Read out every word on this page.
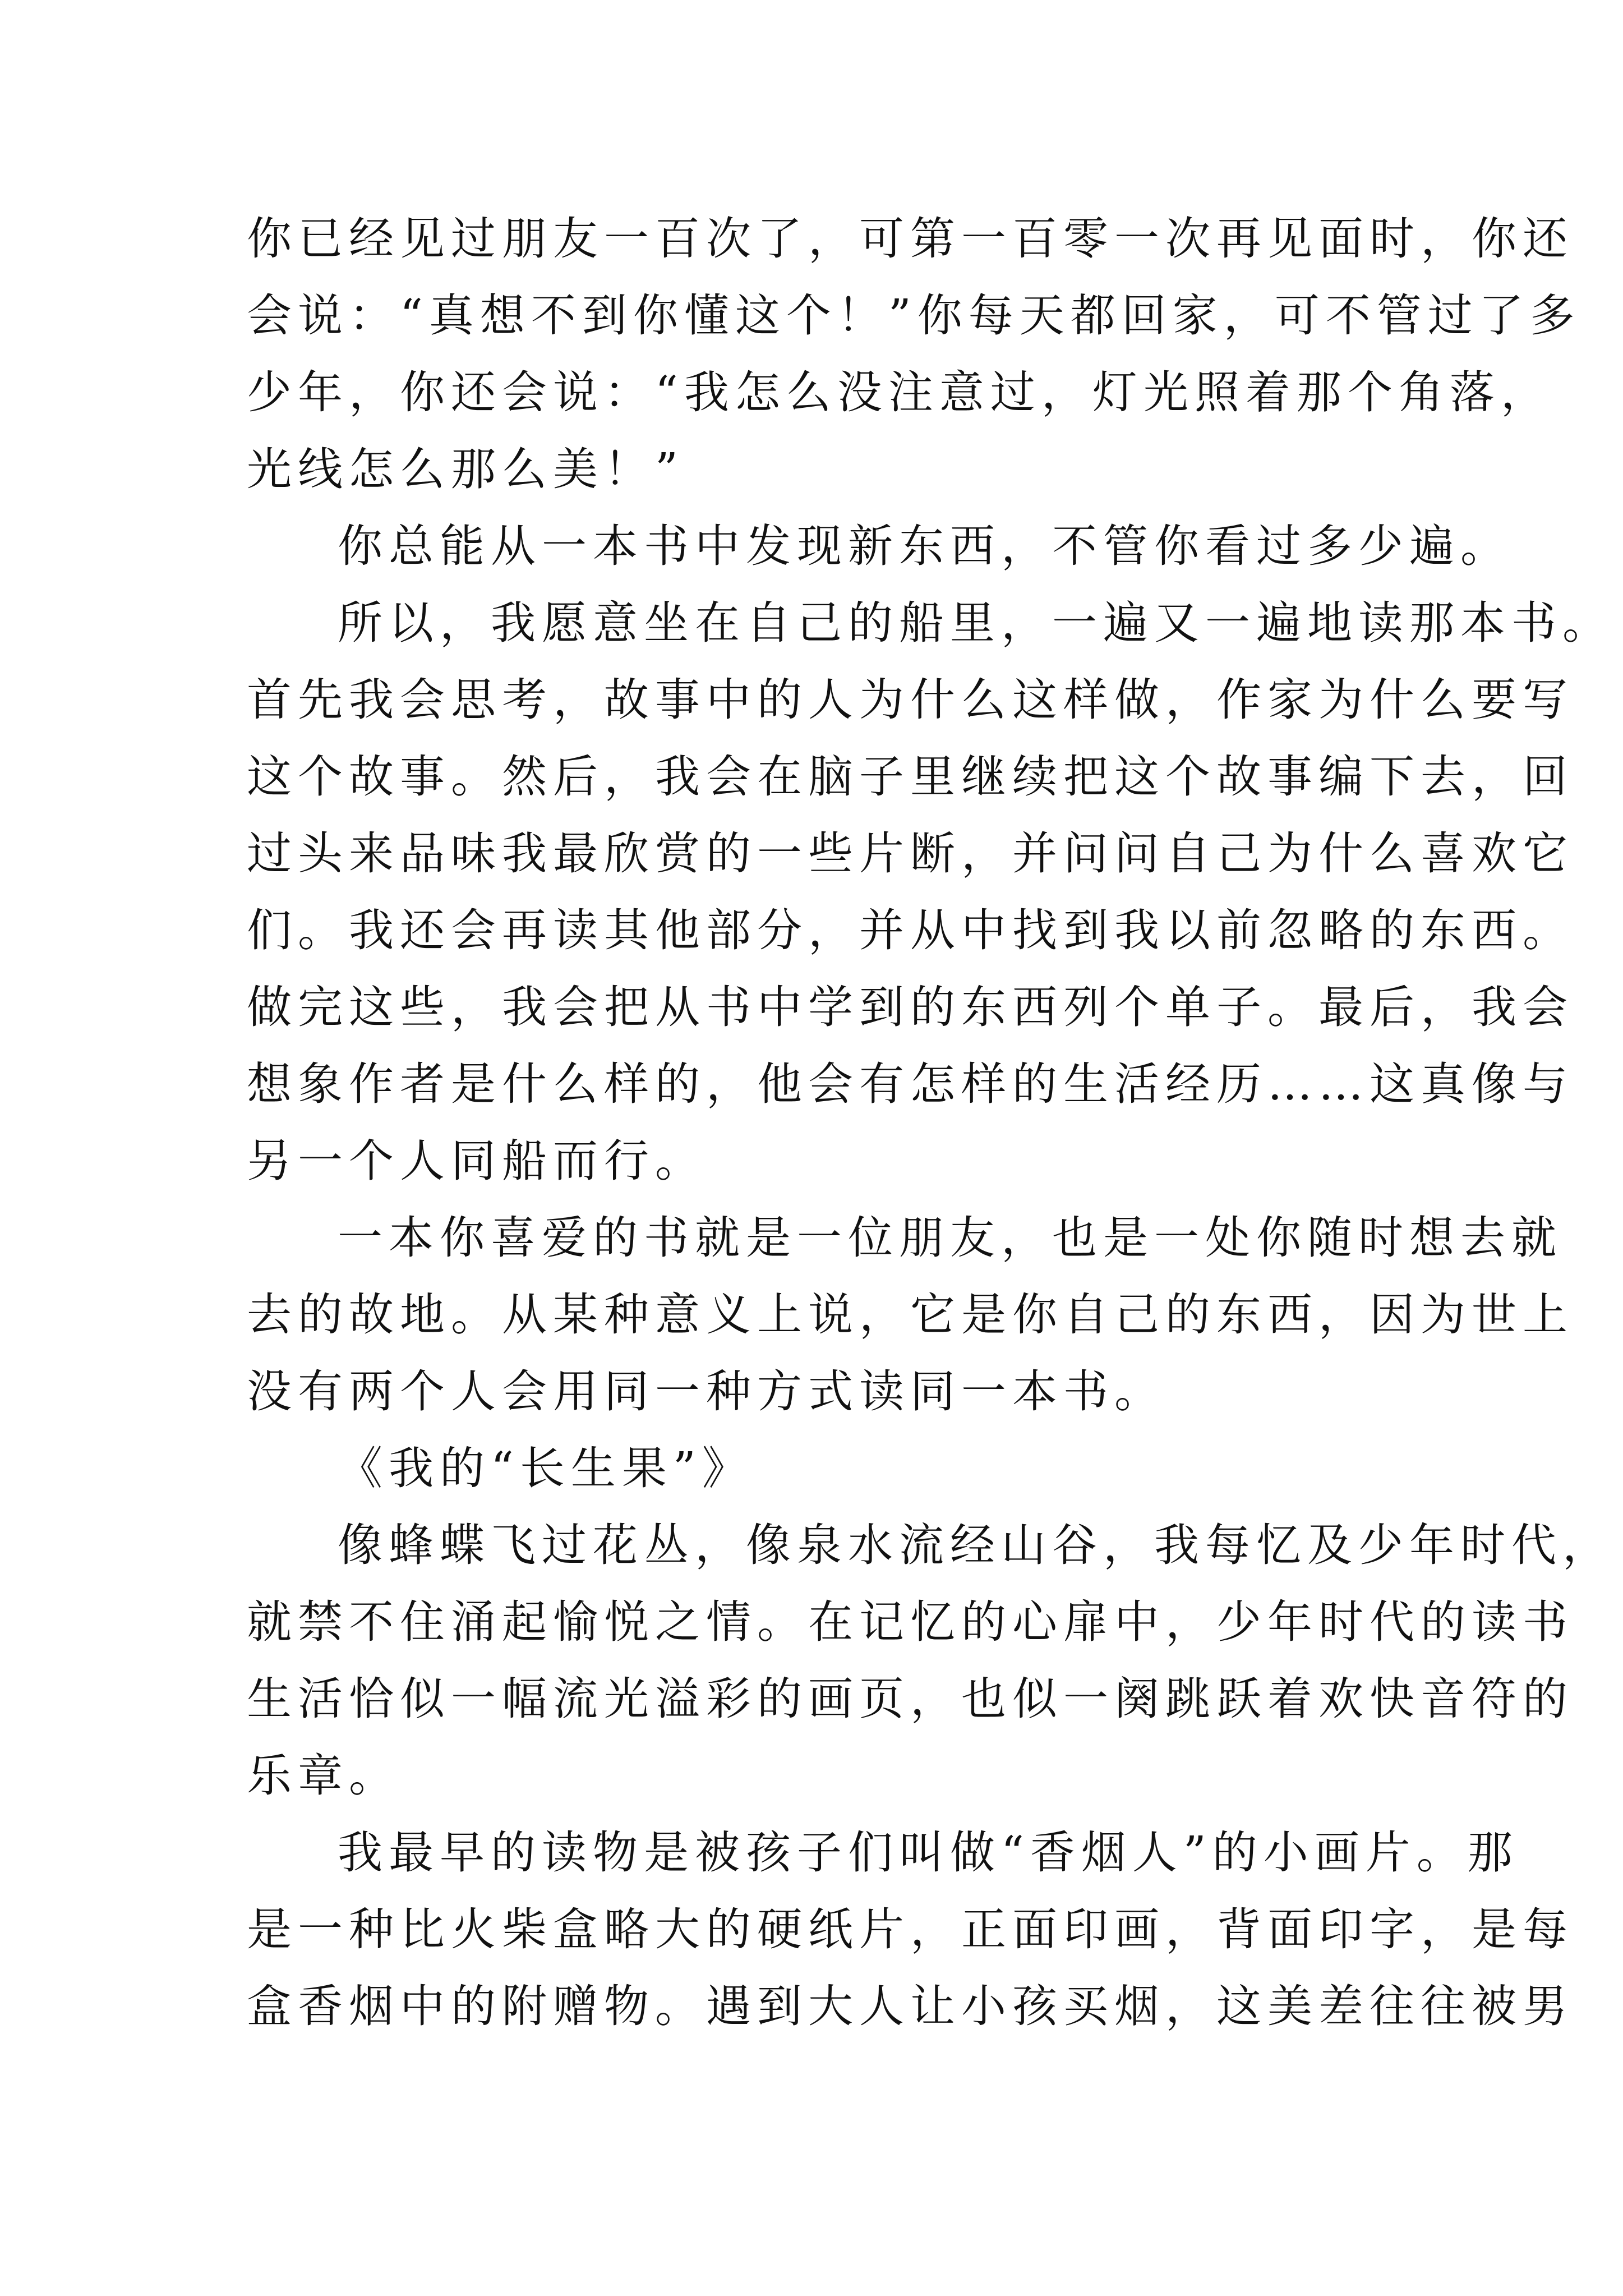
你已经见过朋友一百次了，可第一百零一次再见面时，你还
会说：“真想不到你懂这个！”你每天都回家，可不管过了多
少年，你还会说：“我怎么没注意过，灯光照着那个角落，
光线怎么那么美！”
你总能从一本书中发现新东西，不管你看过多少遍。
所以，我愿意坐在自己的船里，一遍又一遍地读那本书。
首先我会思考，故事中的人为什么这样做，作家为什么要写
这个故事。然后，我会在脑子里继续把这个故事编下去，回
过头来品味我最欣赏的一些片断，并问问自己为什么喜欢它
们。我还会再读其他部分，并从中找到我以前忽略的东西。
做完这些，我会把从书中学到的东西列个单子。最后，我会
想象作者是什么样的，他会有怎样的生活经历……这真像与
另一个人同船而行。
一本你喜爱的书就是一位朋友，也是一处你随时想去就
去的故地。从某种意义上说，它是你自己的东西，因为世上
没有两个人会用同一种方式读同一本书。
《我的“长生果”》
像蜂蝶飞过花丛，像泉水流经山谷，我每忆及少年时代，
就禁不住涌起愉悦之情。在记忆的心扉中，少年时代的读书
生活恰似一幅流光溢彩的画页，也似一阕跳跃着欢快音符的
乐章。
我最早的读物是被孩子们叫做“香烟人”的小画片。那
是一种比火柴盒略大的硬纸片，正面印画，背面印字，是每
盒香烟中的附赠物。遇到大人让小孩买烟，这美差往往被男
